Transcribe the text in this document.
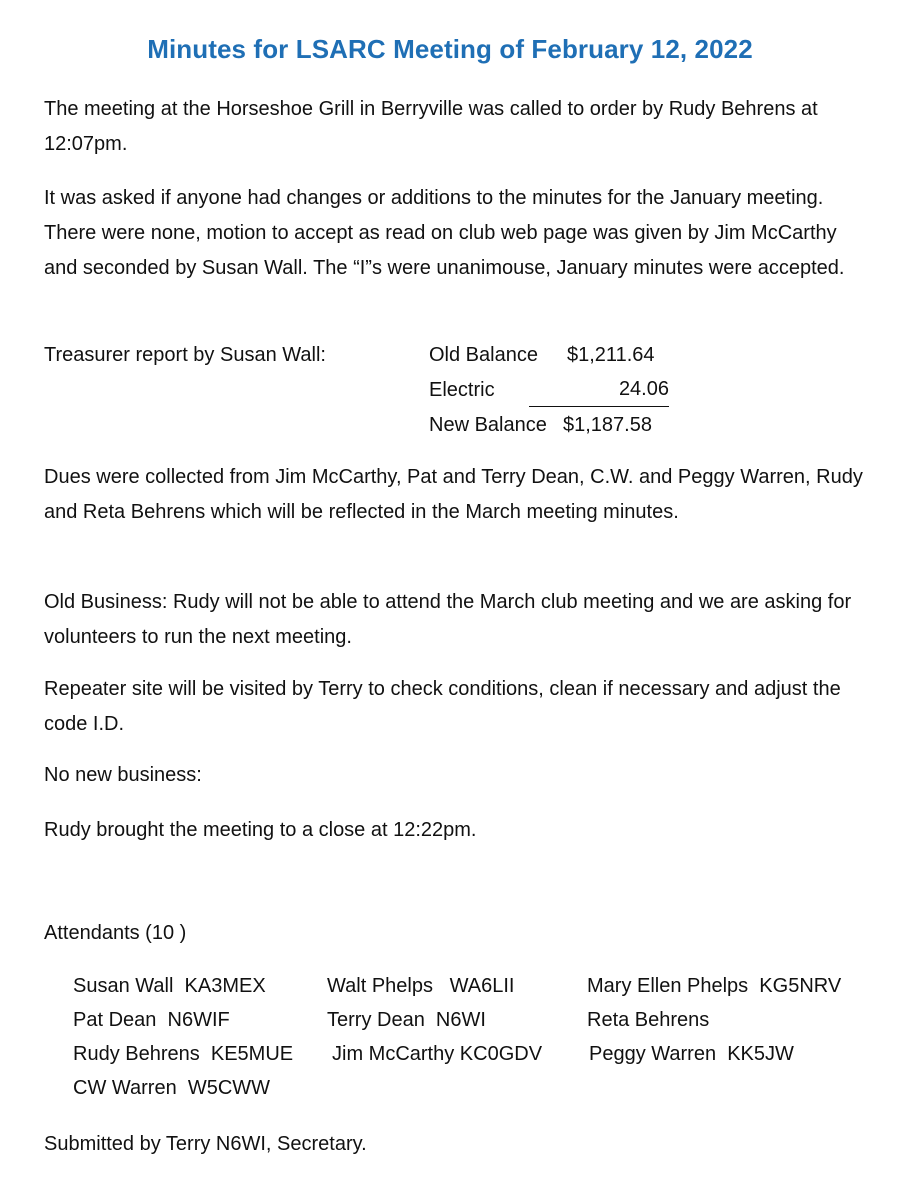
Minutes for LSARC Meeting of February 12, 2022

The meeting at the Horseshoe Grill in Berryville was called to order by Rudy Behrens at 12:07pm.

It was asked if anyone had changes or additions to the minutes for the January meeting. There were none, motion to accept as read on club web page was given by Jim McCarthy and seconded by Susan Wall. The “I”s were unanimouse, January minutes were accepted.

Treasurer report by Susan Wall:	Old Balance $1,211.64
Electric	24.06
New Balance $1,187.58

Dues were collected from Jim McCarthy, Pat and Terry Dean, C.W. and Peggy Warren, Rudy and Reta Behrens which will be reflected in the March meeting minutes.

Old Business: Rudy will not be able to attend the March club meeting and we are asking for volunteers to run the next meeting.

Repeater site will be visited by Terry to check conditions, clean if necessary and adjust the code I.D.

No new business:

Rudy brought the meeting to a close at 12:22pm.

Attendants (10 )
Susan Wall  KA3MEX	Walt Phelps   WA6LII	Mary Ellen Phelps  KG5NRV
Pat Dean  N6WIF	Terry Dean  N6WI	Reta Behrens
Rudy Behrens  KE5MUE Jim McCarthy KC0GDV Peggy Warren  KK5JW
CW Warren  W5CWW
Submitted by Terry N6WI, Secretary.
